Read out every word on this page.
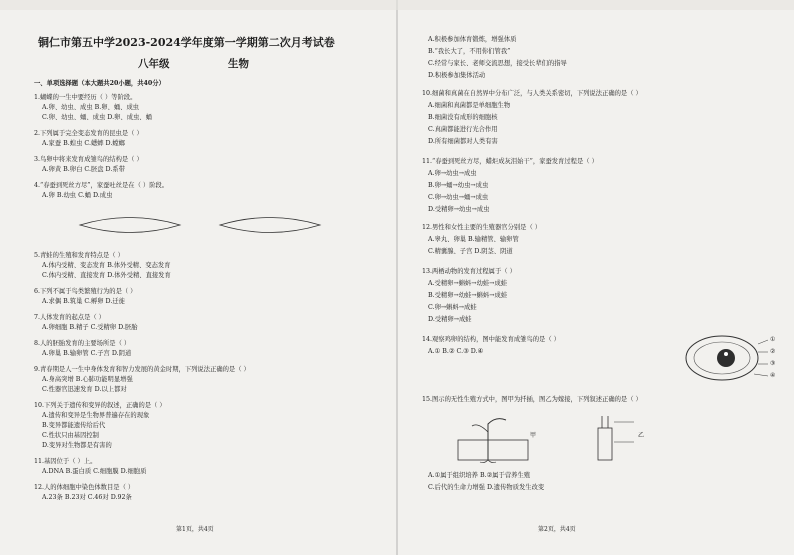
铜仁市第五中学2023-2024学年度第一学期第二次月考试卷
八年级	生物
一、单项选择题（本大题共20小题，共40分）
1.蝴蝶的一生中要经历（ ）等阶段。
A.卵、幼虫、成虫 B.卵、蛹、成虫
C.卵、幼虫、蛹、成虫 D.卵、成虫、蛹
2.下列属于完全变态发育的昆虫是（ ）
A.家蚕 B.蝗虫 C.蟋蟀 D.螳螂
3.鸟卵中将来发育成雏鸟的结构是（ ）
A.卵黄 B.卵白 C.胚盘 D.系带
4.“春蚕到死丝方尽”，家蚕吐丝是在（ ）阶段。
A.卵 B.幼虫 C.蛹 D.成虫
5.青蛙的生殖和发育特点是（ ）
A.体内受精、变态发育 B.体外受精、变态发育
C.体内受精、直接发育 D.体外受精、直接发育
6.下列不属于鸟类繁殖行为的是（ ）
A.求偶 B.筑巢 C.孵卵 D.迁徙
7.人体发育的起点是（ ）
A.卵细胞 B.精子 C.受精卵 D.胚胎
8.人的胚胎发育的主要场所是（ ）
A.卵巢 B.输卵管 C.子宫 D.阴道
9.青春期是人一生中身体发育和智力发展的黄金时期，下列说法正确的是（ ）
A.身高突增 B.心肺功能明显增强
C.性器官迅速发育 D.以上都对
10.下列关于遗传和变异的叙述，正确的是（ ）
A.遗传和变异是生物界普遍存在的现象
B.变异都能遗传给后代
C.性状只由基因控制
D.变异对生物都是有害的
11.基因位于（ ）上。
A.DNA B.蛋白质 C.细胞膜 D.细胞质
12.人的体细胞中染色体数目是（ ）
A.23条 B.23对 C.46对 D.92条
第1页，共4页
A.积极参加体育锻炼，增强体质
B.“我长大了，不用你们管我”
C.经常与家长、老师交流思想，接受长辈们的指导
D.积极参加集体活动
10.细菌和真菌在自然界中分布广泛，与人类关系密切，下列说法正确的是（ ）
A.细菌和真菌都是单细胞生物
B.细菌没有成形的细胞核
C.真菌都能进行光合作用
D.所有细菌都对人类有害
11.“春蚕到死丝方尽，蜡炬成灰泪始干”，家蚕发育过程是（ ）
A.卵→幼虫→成虫
B.卵→蛹→幼虫→成虫
C.卵→幼虫→蛹→成虫
D.受精卵→幼虫→成虫
12.男性和女性主要的生殖器官分别是（ ）
A.睾丸、卵巢 B.输精管、输卵管
C.精囊腺、子宫 D.阴茎、阴道
13.两栖动物的发育过程属于（ ）
A.受精卵→蝌蚪→幼蛙→成蛙
B.受精卵→幼蛙→蝌蚪→成蛙
C.卵→蝌蚪→成蛙
D.受精卵→成蛙
14.观察鸡卵的结构，图中能发育成雏鸟的是（ ）
A.① B.② C.③ D.④
①
②
③
④
15.图示的无性生殖方式中，图甲为扦插，图乙为嫁接，下列叙述正确的是（ ）
甲	乙
A.①属于组织培养 B.②属于营养生殖
C.后代的生命力增强 D.遗传物质发生改变
第2页，共4页
